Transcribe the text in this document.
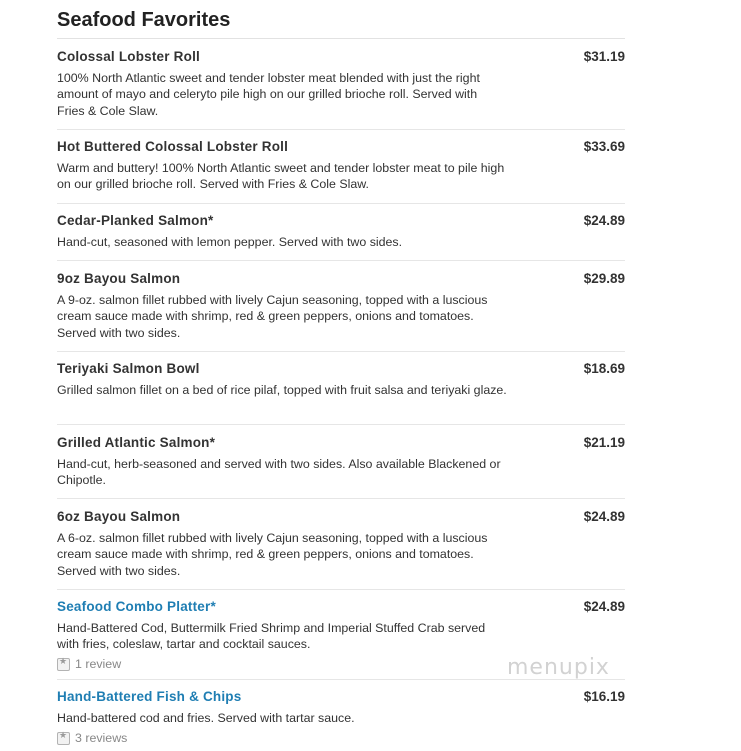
Seafood Favorites
Colossal Lobster Roll	$31.19
100% North Atlantic sweet and tender lobster meat blended with just the right amount of mayo and celeryto pile high on our grilled brioche roll. Served with Fries & Cole Slaw.
Hot Buttered Colossal Lobster Roll	$33.69
Warm and buttery! 100% North Atlantic sweet and tender lobster meat to pile high on our grilled brioche roll. Served with Fries & Cole Slaw.
Cedar-Planked Salmon*	$24.89
Hand-cut, seasoned with lemon pepper. Served with two sides.
9oz Bayou Salmon	$29.89
A 9-oz. salmon fillet rubbed with lively Cajun seasoning, topped with a luscious cream sauce made with shrimp, red & green peppers, onions and tomatoes. Served with two sides.
Teriyaki Salmon Bowl	$18.69
Grilled salmon fillet on a bed of rice pilaf, topped with fruit salsa and teriyaki glaze.
Grilled Atlantic Salmon*	$21.19
Hand-cut, herb-seasoned and served with two sides. Also available Blackened or Chipotle.
6oz Bayou Salmon	$24.89
A 6-oz. salmon fillet rubbed with lively Cajun seasoning, topped with a luscious cream sauce made with shrimp, red & green peppers, onions and tomatoes. Served with two sides.
Seafood Combo Platter*	$24.89
Hand-Battered Cod, Buttermilk Fried Shrimp and Imperial Stuffed Crab served with fries, coleslaw, tartar and cocktail sauces.
★
1 review
Hand-Battered Fish & Chips	$16.19
Hand-battered cod and fries. Served with tartar sauce.
★
3 reviews
menupix
